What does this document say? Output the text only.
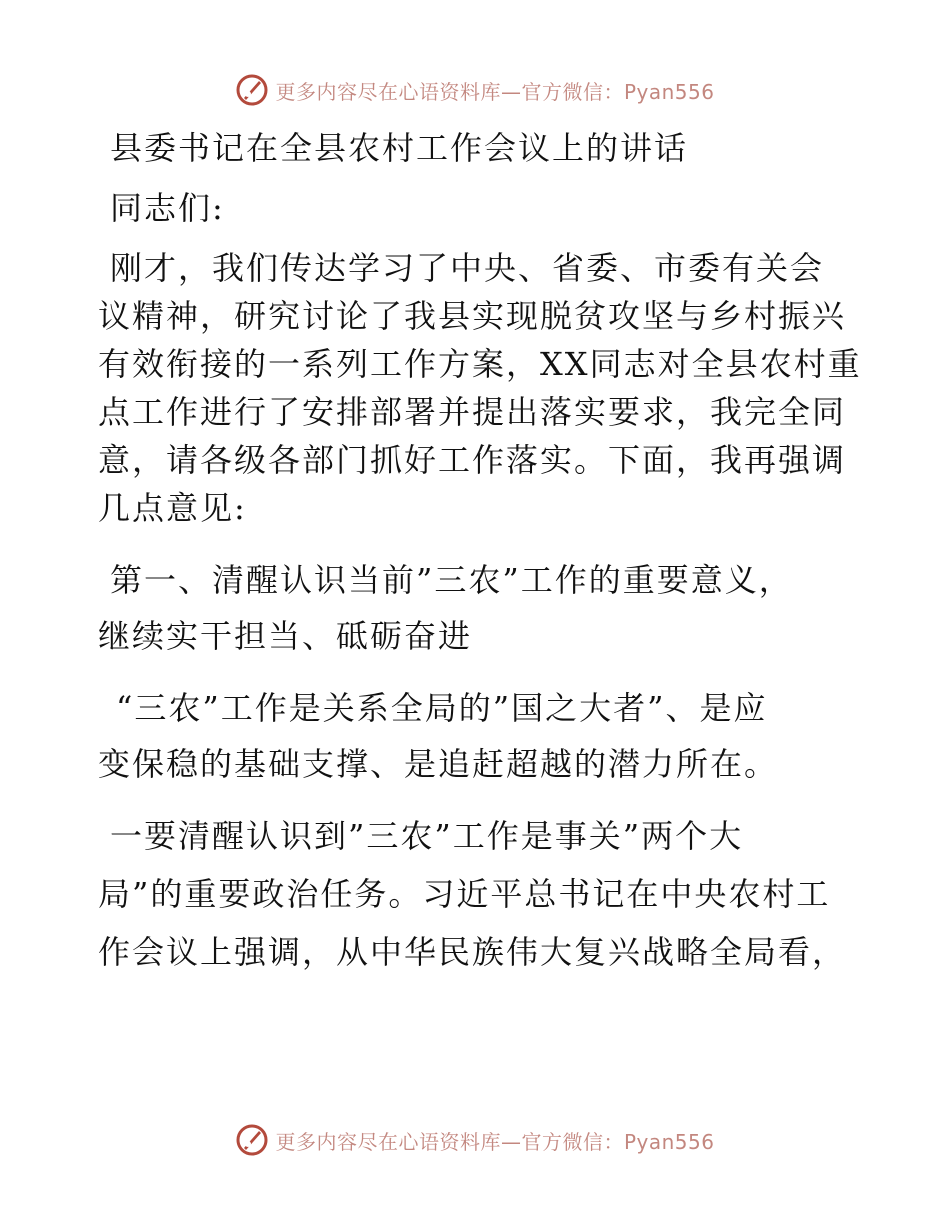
更多内容尽在心语资料库—官方微信：Pyan556
县委书记在全县农村工作会议上的讲话
同志们:
刚才，我们传达学习了中央、省委、市委有关会
议精神，研究讨论了我县实现脱贫攻坚与乡村振兴
有效衔接的一系列工作方案，XX同志对全县农村重
点工作进行了安排部署并提出落实要求，我完全同
意，请各级各部门抓好工作落实。下面，我再强调
几点意见:
第一、清醒认识当前”三农”工作的重要意义，
继续实干担当、砥砺奋进
“三农”工作是关系全局的”国之大者”、是应
变保稳的基础支撑、是追赶超越的潜力所在。
一要清醒认识到”三农”工作是事关”两个大
局”的重要政治任务。习近平总书记在中央农村工
作会议上强调，从中华民族伟大复兴战略全局看，
更多内容尽在心语资料库—官方微信：Pyan556
